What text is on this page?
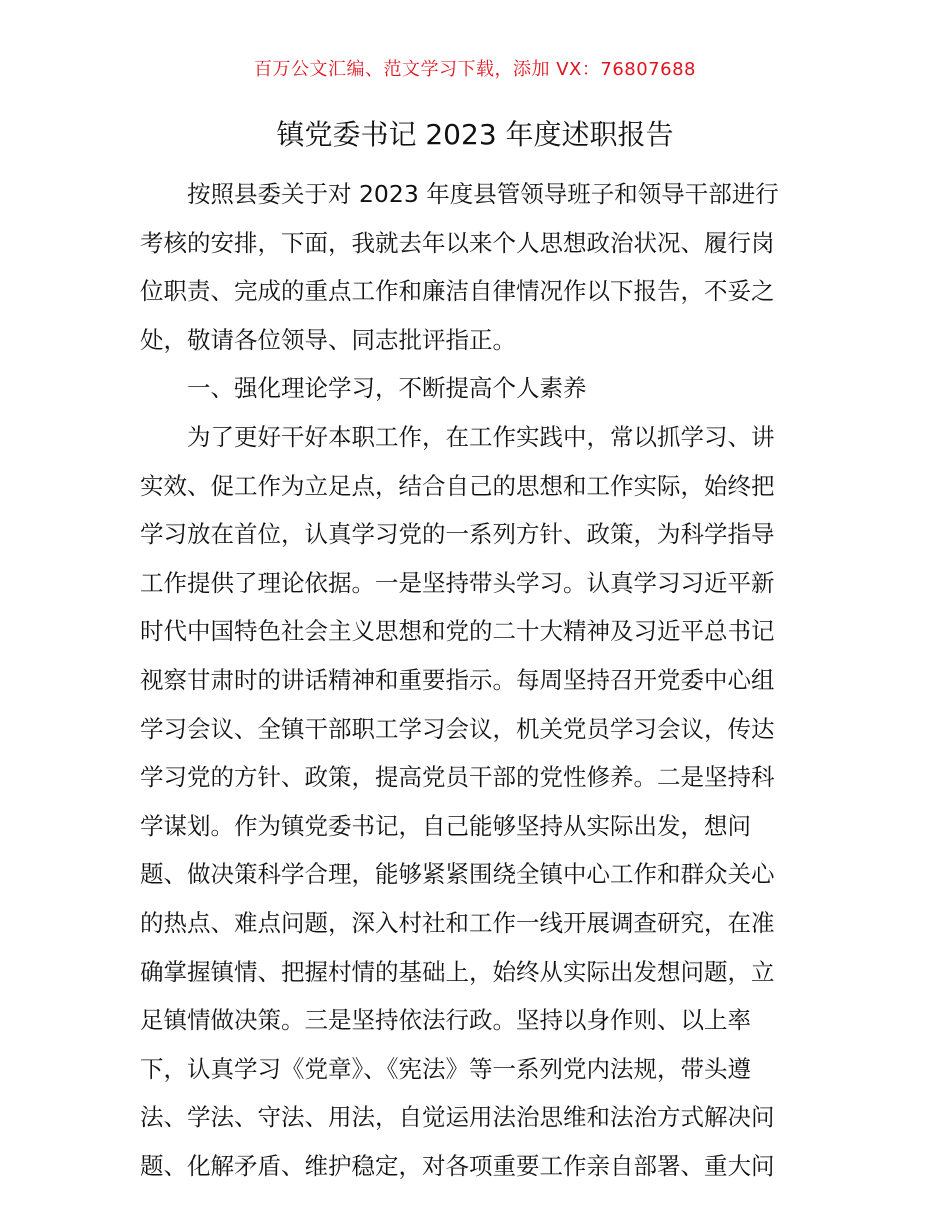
百万公文汇编、范文学习下载，添加 VX：76807688
镇党委书记 2023 年度述职报告
按照县委关于对 2023 年度县管领导班子和领导干部进行
考核的安排，下面，我就去年以来个人思想政治状况、履行岗
位职责、完成的重点工作和廉洁自律情况作以下报告，不妥之
处，敬请各位领导、同志批评指正。
一、强化理论学习，不断提高个人素养
为了更好干好本职工作，在工作实践中，常以抓学习、讲
实效、促工作为立足点，结合自己的思想和工作实际，始终把
学习放在首位，认真学习党的一系列方针、政策，为科学指导
工作提供了理论依据。一是坚持带头学习。认真学习习近平新
时代中国特色社会主义思想和党的二十大精神及习近平总书记
视察甘肃时的讲话精神和重要指示。每周坚持召开党委中心组
学习会议、全镇干部职工学习会议，机关党员学习会议，传达
学习党的方针、政策，提高党员干部的党性修养。二是坚持科
学谋划。作为镇党委书记，自己能够坚持从实际出发，想问
题、做决策科学合理，能够紧紧围绕全镇中心工作和群众关心
的热点、难点问题，深入村社和工作一线开展调查研究，在准
确掌握镇情、把握村情的基础上，始终从实际出发想问题，立
足镇情做决策。三是坚持依法行政。坚持以身作则、以上率
下，认真学习《党章》、《宪法》等一系列党内法规，带头遵
法、学法、守法、用法，自觉运用法治思维和法治方式解决问
题、化解矛盾、维护稳定，对各项重要工作亲自部署、重大问
